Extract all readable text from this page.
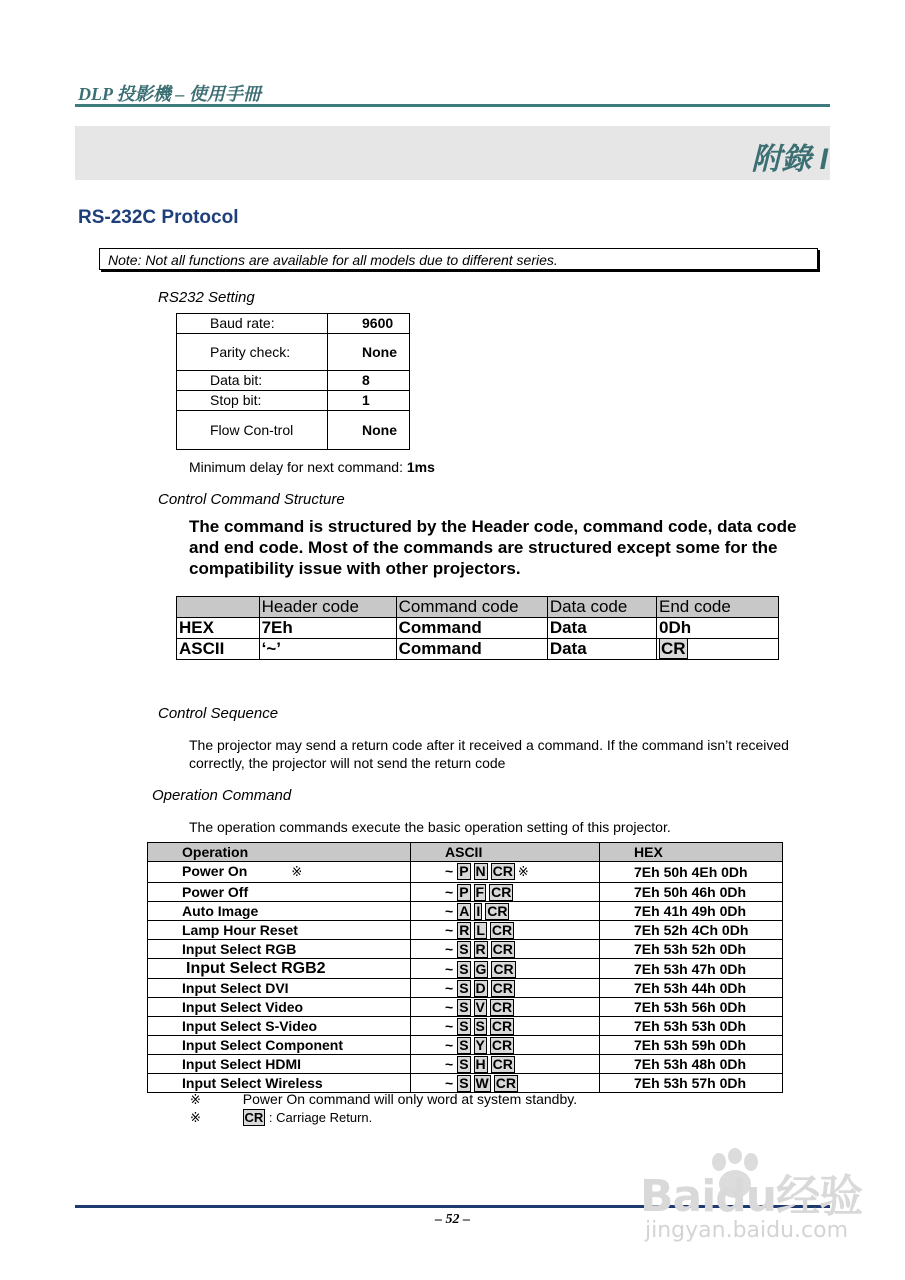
DLP 投影機 – 使用手冊
附錄 I
RS-232C Protocol
Note: Not all functions are available for all models due to different series.
RS232 Setting
Baud rate:	9600
Parity check:	None
Data bit:	8
Stop bit:	1
Flow Con-trol	None
Minimum delay for next command: 1ms
Control Command Structure
The command is structured by the Header code, command code, data code and end code. Most of the commands are structured except some for the compatibility issue with other projectors.
	Header code	Command code	Data code	End code
HEX	7Eh	Command	Data	0Dh
ASCII	‘~’	Command	Data	CR
Control Sequence
The projector may send a return code after it received a command. If the command isn’t received correctly, the projector will not send the return code
Operation Command
The operation commands execute the basic operation setting of this projector.
Operation	ASCII	HEX
Power On ※	~ P N CR ※	7Eh 50h 4Eh 0Dh
Power Off	~ P F CR	7Eh 50h 46h 0Dh
Auto Image	~ A I CR	7Eh 41h 49h 0Dh
Lamp Hour Reset	~ R L CR	7Eh 52h 4Ch 0Dh
Input Select RGB	~ S R CR	7Eh 53h 52h 0Dh
Input Select RGB2	~ S G CR	7Eh 53h 47h 0Dh
Input Select DVI	~ S D CR	7Eh 53h 44h 0Dh
Input Select Video	~ S V CR	7Eh 53h 56h 0Dh
Input Select S-Video	~ S S CR	7Eh 53h 53h 0Dh
Input Select Component	~ S Y CR	7Eh 53h 59h 0Dh
Input Select HDMI	~ S H CR	7Eh 53h 48h 0Dh
Input Select Wireless	~ S W CR	7Eh 53h 57h 0Dh
※	Power On command will only word at system standby.
※	CR : Carriage Return.
– 52 –	Baidu经验
jingyan.baidu.com
